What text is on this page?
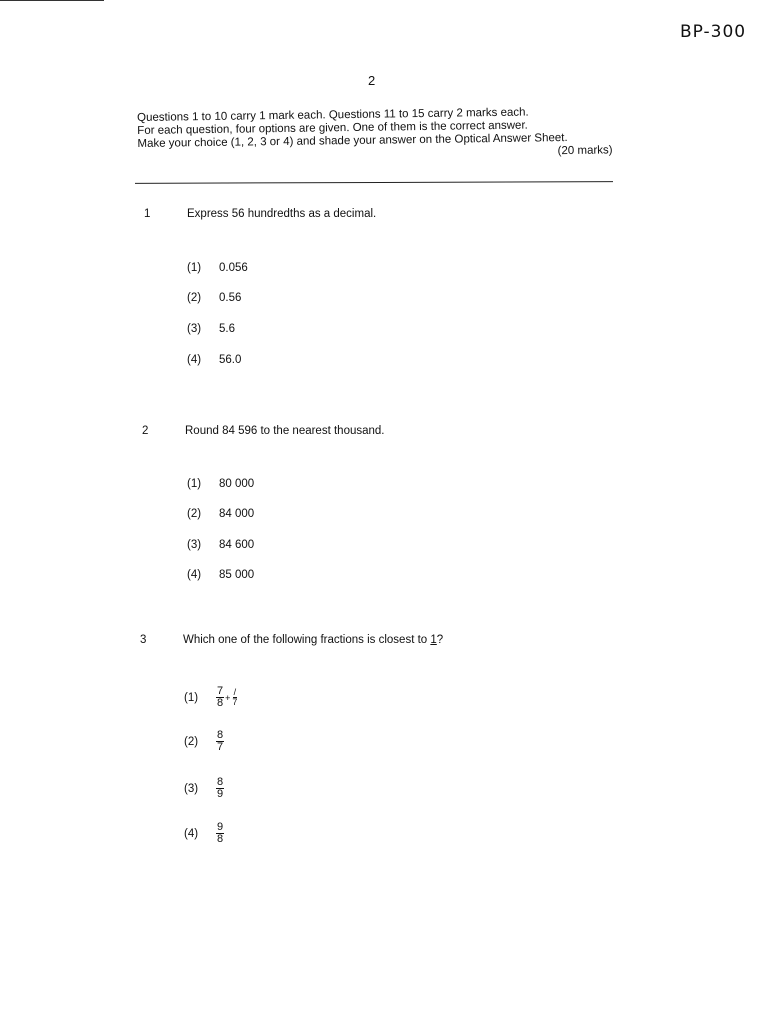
BP-300
2
Questions 1 to 10 carry 1 mark each. Questions 11 to 15 carry 2 marks each.
For each question, four options are given. One of them is the correct answer.
Make your choice (1, 2, 3 or 4) and shade your answer on the Optical Answer Sheet.
(20 marks)
1	Express 56 hundredths as a decimal.
(1) 0.056
(2) 0.56
(3) 5.6
(4) 56.0
2	Round 84 596 to the nearest thousand.
(1) 80 000
(2) 84 000
(3) 84 600
(4) 85 000
3	Which one of the following fractions is closest to 1?
$(1) \frac{7}{8} + \frac{/}{7}$
$(2) \frac{8}{7}$
$(3) \frac{8}{9}$
$(4) \frac{9}{8}$
